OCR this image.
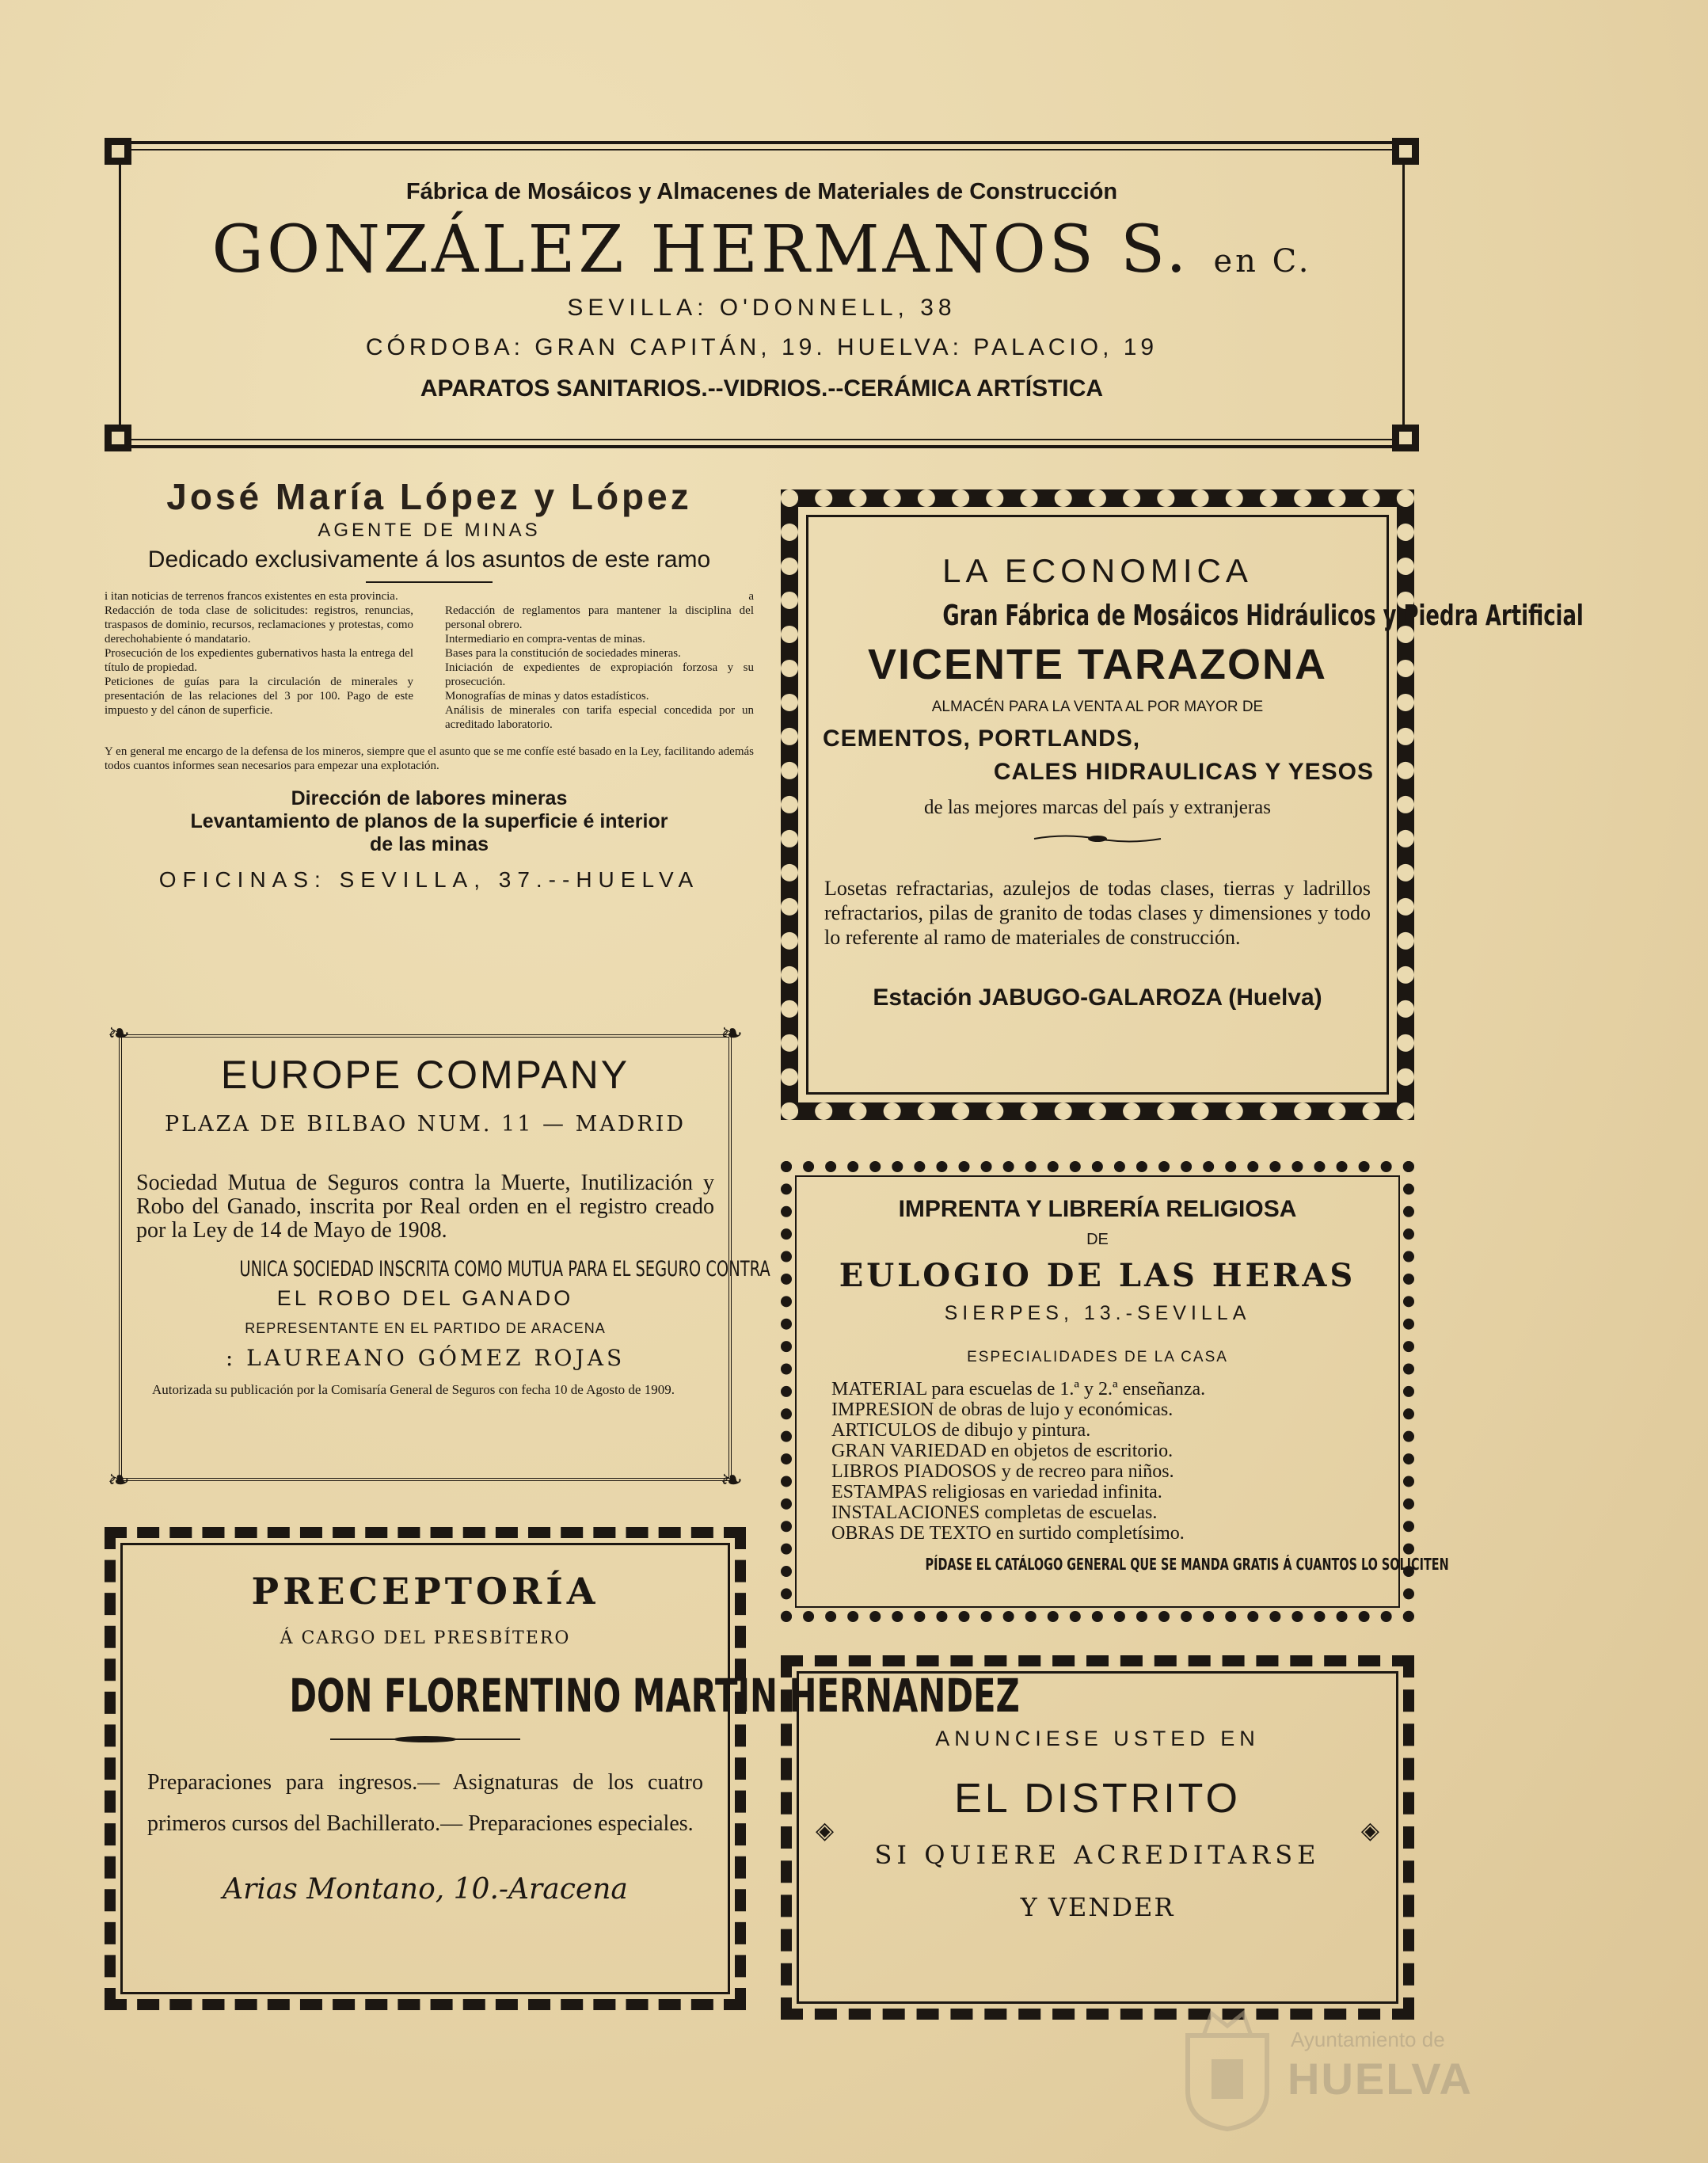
Fábrica de Mosáicos y Almacenes de Materiales de Construcción
GONZÁLEZ HERMANOS S. en C.
SEVILLA: O'DONNELL, 38
CÓRDOBA: GRAN CAPITÁN, 19. HUELVA: PALACIO, 19
APARATOS SANITARIOS.--VIDRIOS.--CERÁMICA ARTÍSTICA
José María López y López
AGENTE DE MINAS
Dedicado exclusivamente á los asuntos de este ramo

i itan noticias de terrenos francos existentes en esta provincia.

Redacción de toda clase de solicitudes: registros, renuncias, traspasos de dominio, recursos, reclamaciones y protestas, como derechohabiente ó mandatario.

Prosecución de los expedientes gubernativos hasta la entrega del título de propiedad.

Peticiones de guías para la circulación de minerales y presentación de las relaciones del 3 por 100. Pago de este impuesto y del cánon de superficie.

a

Redacción de reglamentos para mantener la disciplina del personal obrero.

Intermediario en compra-ventas de minas.

Bases para la constitución de sociedades mineras.

Iniciación de expedientes de expropiación forzosa y su prosecución.

Monografías de minas y datos estadísticos.

Análisis de minerales con tarifa especial concedida por un acreditado laboratorio.

Y en general me encargo de la defensa de los mineros, siempre que el asunto que se me confíe esté basado en la Ley, facilitando además todos cuantos informes sean necesarios para empezar una explotación.

Dirección de labores mineras
Levantamiento de planos de la superficie é interior
de las minas
OFICINAS: SEVILLA, 37.--HUELVA
LA ECONOMICA
Gran Fábrica de Mosáicos Hidráulicos y Piedra Artificial
VICENTE TARAZONA
ALMACÉN PARA LA VENTA AL POR MAYOR DE
CEMENTOS, PORTLANDS,
CALES HIDRAULICAS Y YESOS
de las mejores marcas del país y extranjeras

Losetas refractarias, azulejos de todas clases, tierras y ladrillos refractarios, pilas de granito de todas clases y dimensiones y todo lo referente al ramo de materiales de construcción.

Estación JABUGO-GALAROZA (Huelva)
❧	❧
❧	❧
EUROPE COMPANY
PLAZA DE BILBAO NUM. 11 — MADRID

Sociedad Mutua de Seguros contra la Muerte, Inutilización y Robo del Ganado, inscrita por Real orden en el registro creado por la Ley de 14 de Mayo de 1908.

UNICA SOCIEDAD INSCRITA COMO MUTUA PARA EL SEGURO CONTRA
EL ROBO DEL GANADO
REPRESENTANTE EN EL PARTIDO DE ARACENA
: LAUREANO GÓMEZ ROJAS

Autorizada su publicación por la Comisaría General de Seguros con fecha 10 de Agosto de 1909.

IMPRENTA Y LIBRERÍA RELIGIOSA
DE
EULOGIO DE LAS HERAS
SIERPES, 13.-SEVILLA
ESPECIALIDADES DE LA CASA
MATERIAL para escuelas de 1.ª y 2.ª enseñanza.
IMPRESION de obras de lujo y económicas.
ARTICULOS de dibujo y pintura.
GRAN VARIEDAD en objetos de escritorio.
LIBROS PIADOSOS y de recreo para niños.
ESTAMPAS religiosas en variedad infinita.
INSTALACIONES completas de escuelas.
OBRAS DE TEXTO en surtido completísimo.
PÍDASE EL CATÁLOGO GENERAL QUE SE MANDA GRATIS Á CUANTOS LO SOLICITEN
PRECEPTORÍA
Á CARGO DEL PRESBÍTERO
DON FLORENTINO MARTIN HERNANDEZ

Preparaciones para ingresos.— Asignaturas de los cuatro primeros cursos del Bachillerato.— Preparaciones especiales.

Arias Montano, 10.-Aracena
◈	◈
ANUNCIESE USTED EN
EL DISTRITO
SI QUIERE ACREDITARSE
Y VENDER
Ayuntamiento de
HUELVA
